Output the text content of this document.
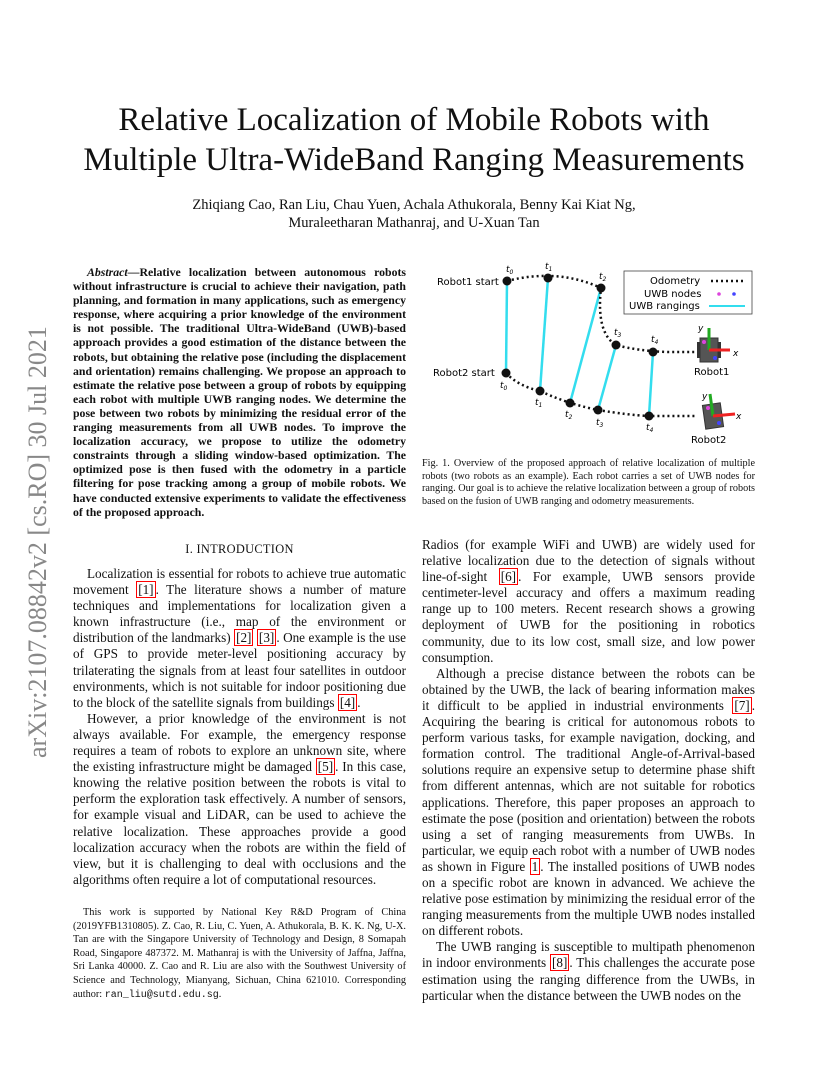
arXiv:2107.08842v2 [cs.RO] 30 Jul 2021
Relative Localization of Mobile Robots with
Multiple Ultra-WideBand Ranging Measurements
Zhiqiang Cao, Ran Liu, Chau Yuen, Achala Athukorala, Benny Kai Kiat Ng,
Muraleetharan Mathanraj, and U-Xuan Tan

Abstract—Relative localization between autonomous robots without infrastructure is crucial to achieve their navigation, path planning, and formation in many applications, such as emergency response, where acquiring a prior knowledge of the environment is not possible. The traditional Ultra-WideBand (UWB)-based approach provides a good estimation of the distance between the robots, but obtaining the relative pose (including the displacement and orientation) remains challenging. We propose an approach to estimate the relative pose between a group of robots by equipping each robot with multiple UWB ranging nodes. We determine the pose between two robots by minimizing the residual error of the ranging measurements from all UWB nodes. To improve the localization accuracy, we propose to utilize the odometry constraints through a sliding window-based optimization. The optimized pose is then fused with the odometry in a particle filtering for pose tracking among a group of mobile robots. We have conducted extensive experiments to validate the effectiveness of the proposed approach.

I. INTRODUCTION

Localization is essential for robots to achieve true automatic movement [1] . The literature shows a number of mature techniques and implementations for localization given a known infrastructure (i.e., map of the environment or distribution of the landmarks) [2] [3] . One example is the use of GPS to provide meter-level positioning accuracy by trilaterating the signals from at least four satellites in outdoor environments, which is not suitable for indoor positioning due to the block of the satellite signals from buildings [4] .

However, a prior knowledge of the environment is not always available. For example, the emergency response requires a team of robots to explore an unknown site, where the existing infrastructure might be damaged [5] . In this case, knowing the relative position between the robots is vital to perform the exploration task effectively. A number of sensors, for example visual and LiDAR, can be used to achieve the relative localization. These approaches provide a good localization accuracy when the robots are within the field of view, but it is challenging to deal with occlusions and the algorithms often require a lot of computational resources.

This work is supported by National Key R&D Program of China (2019YFB1310805). Z. Cao, R. Liu, C. Yuen, A. Athukorala, B. K. K. Ng, U-X. Tan are with the Singapore University of Technology and Design, 8 Somapah Road, Singapore 487372. M. Mathanraj is with the University of Jaffna, Jaffna, Sri Lanka 40000. Z. Cao and R. Liu are also with the Southwest University of Science and Technology, Mianyang, Sichuan, China 621010. Corresponding author: ran_liu@sutd.edu.sg.

Robot1 start
Robot2 start	Robot1
Robot2
y
x
y
x
$t_0$
$t_1$
$t_2$
$t_3$	$t_4$
$t_0$
$t_1$
$t_2$
$t_3$	$t_4$
Odometry
UWB nodes
UWB rangings
Fig. 1. Overview of the proposed approach of relative localization of multiple robots (two robots as an example). Each robot carries a set of UWB nodes for ranging. Our goal is to achieve the relative localization between a group of robots based on the fusion of UWB ranging and odometry measurements.

Radios (for example WiFi and UWB) are widely used for relative localization due to the detection of signals without line-of-sight [6] . For example, UWB sensors provide centimeter-level accuracy and offers a maximum reading range up to 100 meters. Recent research shows a growing deployment of UWB for the positioning in robotics community, due to its low cost, small size, and low power consumption.

Although a precise distance between the robots can be obtained by the UWB, the lack of bearing information makes it difficult to be applied in industrial environments [7] . Acquiring the bearing is critical for autonomous robots to perform various tasks, for example navigation, docking, and formation control. The traditional Angle-of-Arrival-based solutions require an expensive setup to determine phase shift from different antennas, which are not suitable for robotics applications. Therefore, this paper proposes an approach to estimate the pose (position and orientation) between the robots using a set of ranging measurements from UWBs. In particular, we equip each robot with a number of UWB nodes as shown in Figure 1 . The installed positions of UWB nodes on a specific robot are known in advanced. We achieve the relative pose estimation by minimizing the residual error of the ranging measurements from the multiple UWB nodes installed on different robots.

The UWB ranging is susceptible to multipath phenomenon in indoor environments [8] . This challenges the accurate pose estimation using the ranging difference from the UWBs, in particular when the distance between the UWB nodes on the
